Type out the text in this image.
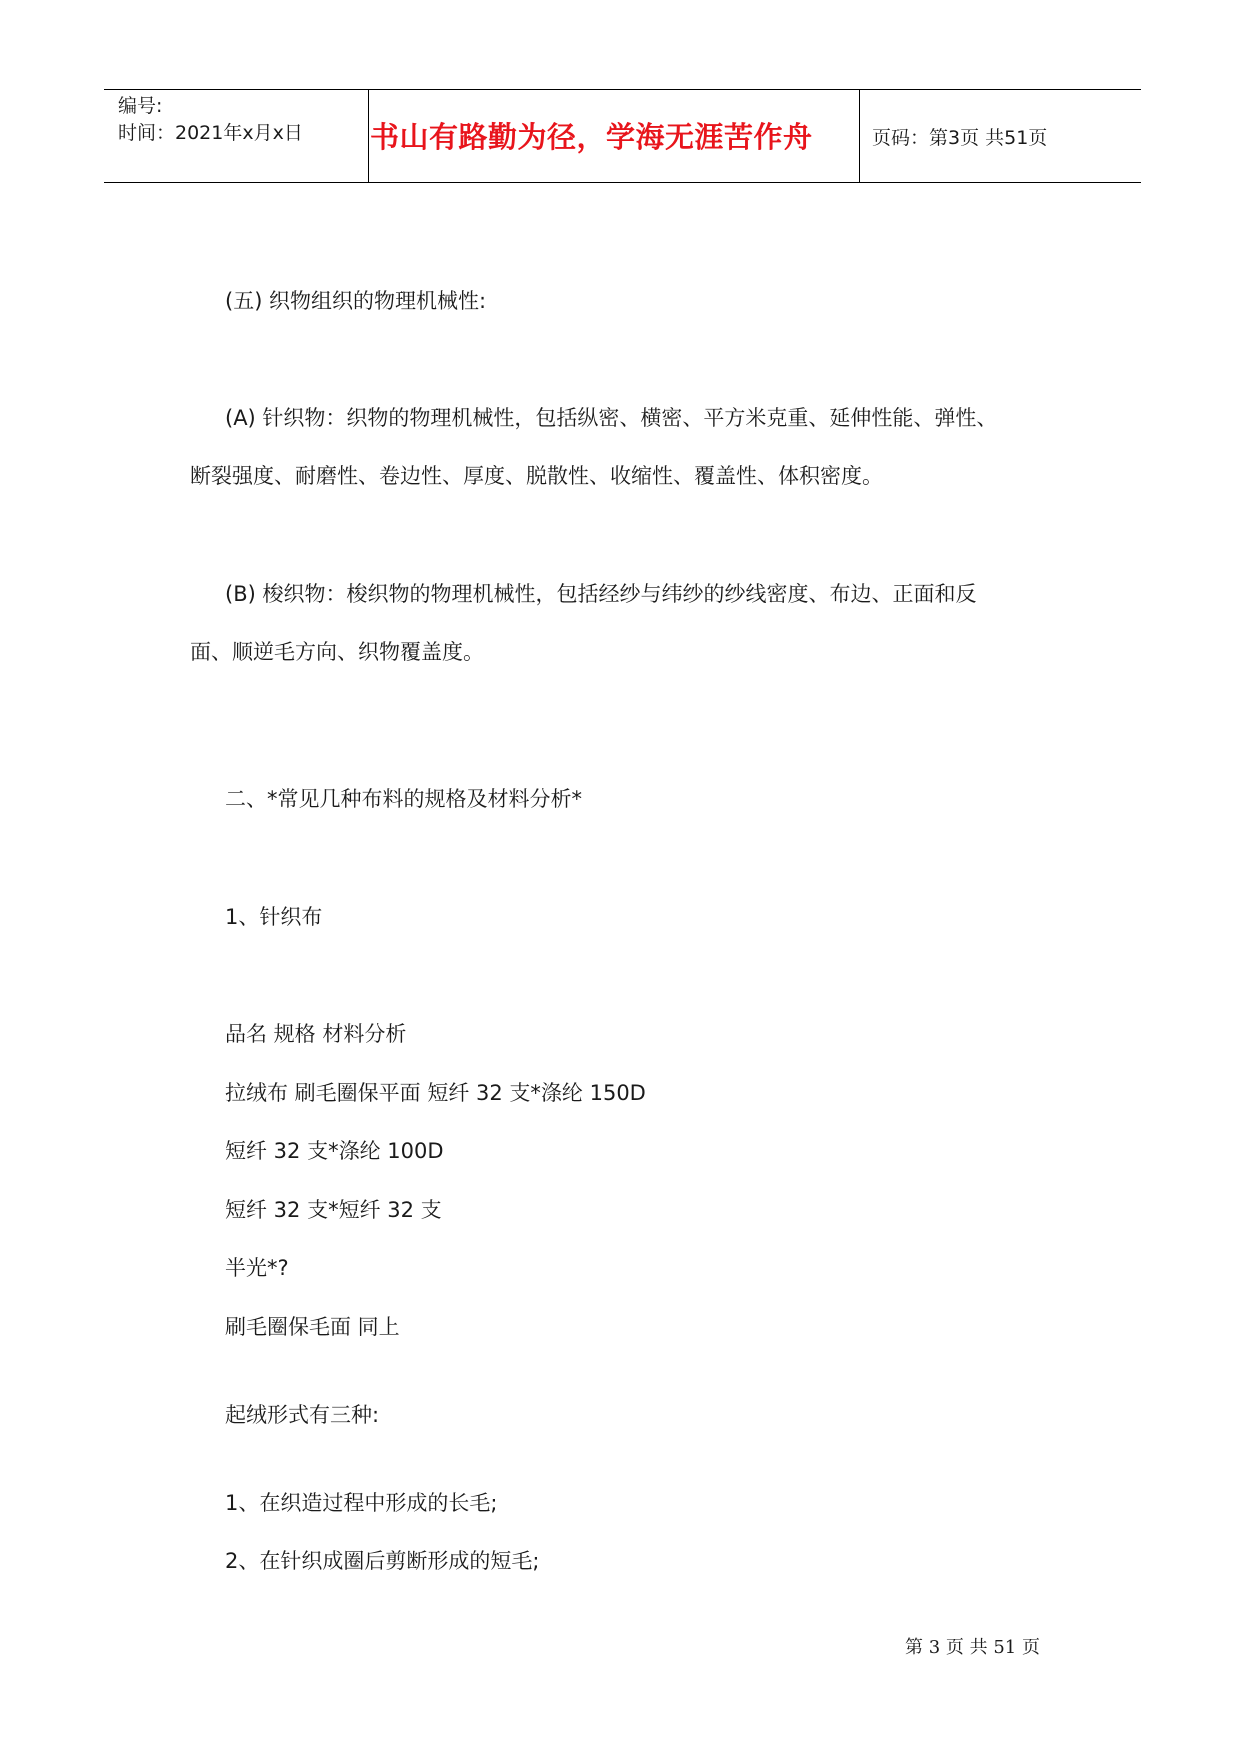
编号:
时间：2021年x月x日 书山有路勤为径，学海无涯苦作舟	页码：第3页 共51页
(五) 织物组织的物理机械性:
(A) 针织物：织物的物理机械性，包括纵密、横密、平方米克重、延伸性能、弹性、
断裂强度、耐磨性、卷边性、厚度、脱散性、收缩性、覆盖性、体积密度。
(B) 梭织物：梭织物的物理机械性，包括经纱与纬纱的纱线密度、布边、正面和反
面、顺逆毛方向、织物覆盖度。
二、*常见几种布料的规格及材料分析*
1、针织布
品名 规格 材料分析
拉绒布 刷毛圈保平面 短纤 32 支*涤纶 150D
短纤 32 支*涤纶 100D
短纤 32 支*短纤 32 支
半光*?
刷毛圈保毛面 同上
起绒形式有三种:
1、在织造过程中形成的长毛;
2、在针织成圈后剪断形成的短毛;
第 3 页 共 51 页
